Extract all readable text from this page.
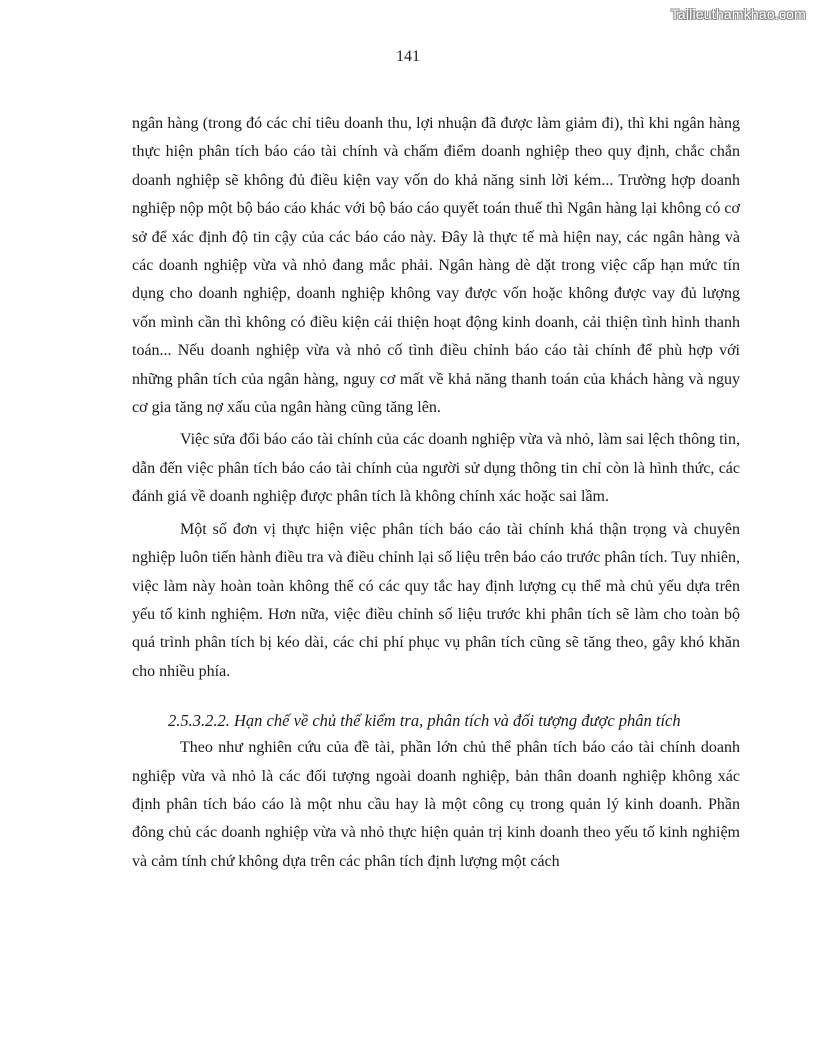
Tailieuthamkhao.com
141

ngân hàng (trong đó các chỉ tiêu doanh thu, lợi nhuận đã được làm giảm đi), thì khi ngân hàng thực hiện phân tích báo cáo tài chính và chấm điểm doanh nghiệp theo quy định, chắc chắn doanh nghiệp sẽ không đủ điều kiện vay vốn do khả năng sinh lời kém... Trường hợp doanh nghiệp nộp một bộ báo cáo khác với bộ báo cáo quyết toán thuế thì Ngân hàng lại không có cơ sở để xác định độ tin cậy của các báo cáo này. Đây là thực tế mà hiện nay, các ngân hàng và các doanh nghiệp vừa và nhỏ đang mắc phải. Ngân hàng dè dặt trong việc cấp hạn mức tín dụng cho doanh nghiệp, doanh nghiệp không vay được vốn hoặc không được vay đủ lượng vốn mình cần thì không có điều kiện cải thiện hoạt động kinh doanh, cải thiện tình hình thanh toán... Nếu doanh nghiệp vừa và nhỏ cố tình điều chỉnh báo cáo tài chính để phù hợp với những phân tích của ngân hàng, nguy cơ mất về khả năng thanh toán của khách hàng và nguy cơ gia tăng nợ xấu của ngân hàng cũng tăng lên.

Việc sửa đổi báo cáo tài chính của các doanh nghiệp vừa và nhỏ, làm sai lệch thông tin, dẫn đến việc phân tích báo cáo tài chính của người sử dụng thông tin chỉ còn là hình thức, các đánh giá về doanh nghiệp được phân tích là không chính xác hoặc sai lầm.

Một số đơn vị thực hiện việc phân tích báo cáo tài chính khá thận trọng và chuyên nghiệp luôn tiến hành điều tra và điều chỉnh lại số liệu trên báo cáo trước phân tích. Tuy nhiên, việc làm này hoàn toàn không thể có các quy tắc hay định lượng cụ thể mà chủ yếu dựa trên yếu tố kinh nghiệm. Hơn nữa, việc điều chỉnh số liệu trước khi phân tích sẽ làm cho toàn bộ quá trình phân tích bị kéo dài, các chi phí phục vụ phân tích cũng sẽ tăng theo, gây khó khăn cho nhiều phía.

2.5.3.2.2. Hạn chế về chủ thể kiểm tra, phân tích và đối tượng được phân tích

Theo như nghiên cứu của đề tài, phần lớn chủ thể phân tích báo cáo tài chính doanh nghiệp vừa và nhỏ là các đối tượng ngoài doanh nghiệp, bản thân doanh nghiệp không xác định phân tích báo cáo là một nhu cầu hay là một công cụ trong quản lý kinh doanh. Phần đông chủ các doanh nghiệp vừa và nhỏ thực hiện quản trị kinh doanh theo yếu tố kinh nghiệm và cảm tính chứ không dựa trên các phân tích định lượng một cách
